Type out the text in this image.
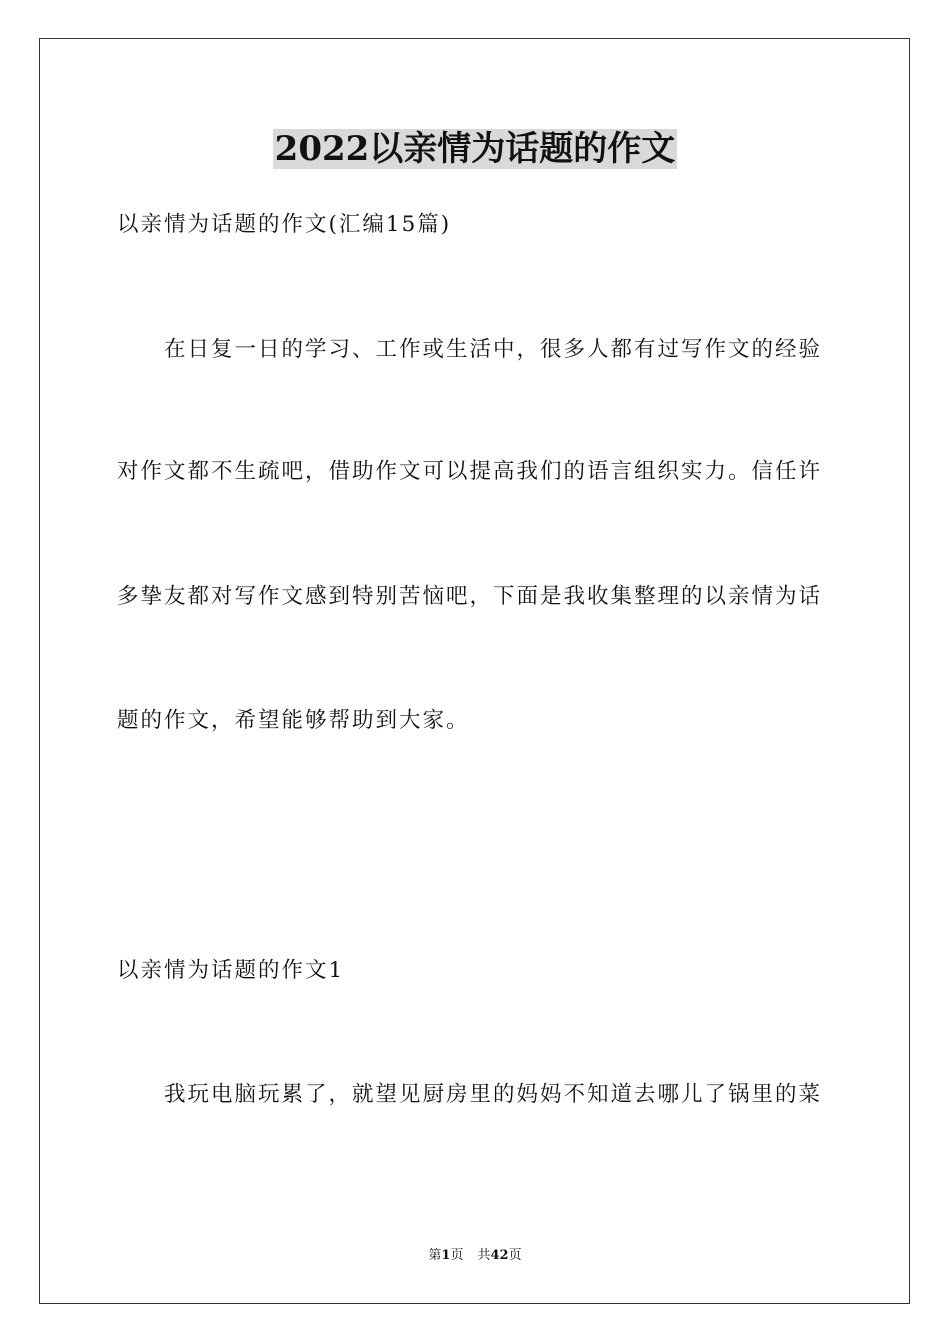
2022以亲情为话题的作文
以亲情为话题的作文(汇编15篇)
在日复一日的学习、工作或生活中，很多人都有过写作文的经验
对作文都不生疏吧，借助作文可以提高我们的语言组织实力。信任许
多挚友都对写作文感到特别苦恼吧，下面是我收集整理的以亲情为话
题的作文，希望能够帮助到大家。
以亲情为话题的作文1
我玩电脑玩累了，就望见厨房里的妈妈不知道去哪儿了锅里的菜
第1页 共42页
